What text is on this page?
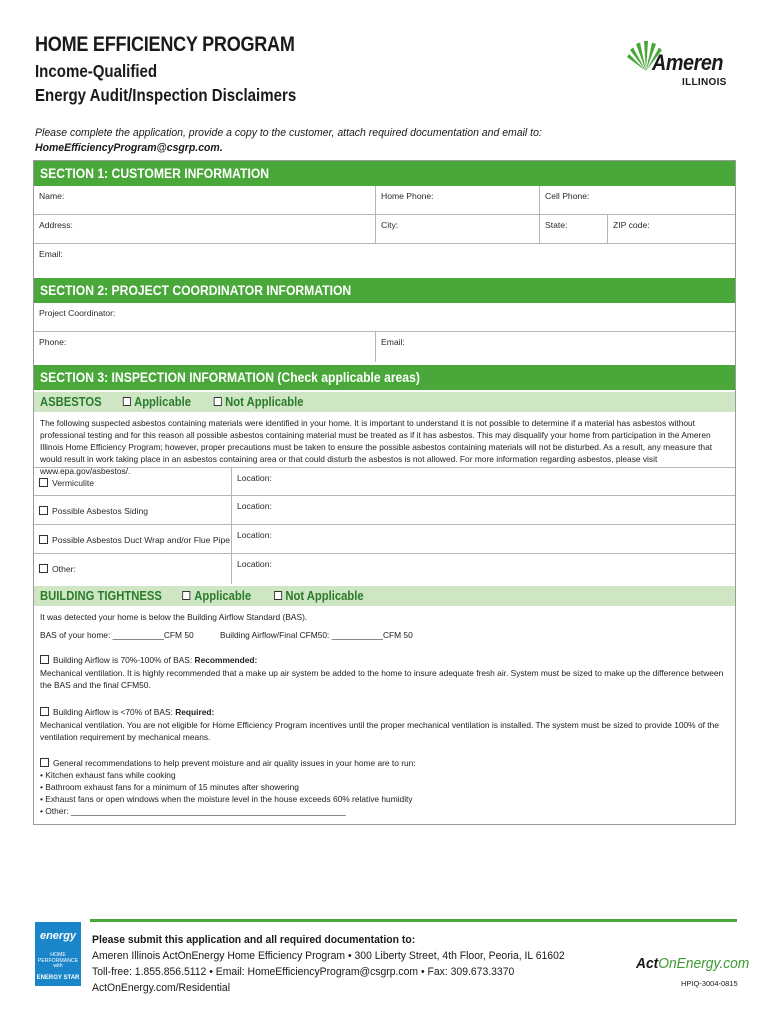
HOME EFFICIENCY PROGRAM
Income-Qualified
Energy Audit/Inspection Disclaimers
Ameren
ILLINOIS
Please complete the application, provide a copy to the customer, attach required documentation and email to:
HomeEfficiencyProgram@csgrp.com.
SECTION 1: CUSTOMER INFORMATION
Name:	Home Phone:	Cell Phone:
Address:	City:	State:	ZIP code:
Email:
SECTION 2: PROJECT COORDINATOR INFORMATION
Project Coordinator:
Phone:	Email:
SECTION 3: INSPECTION INFORMATION (Check applicable areas)
ASBESTOS	Applicable	Not Applicable
The following suspected asbestos containing materials were identified in your home. It is important to understand it is not possible to determine if a material has asbestos without professional testing and for this reason all possible asbestos containing material must be treated as if it has asbestos. This may disqualify your home from participation in the Ameren Illinois Home Efficiency Program; however, proper precautions must be taken to ensure the possible asbestos containing materials will not be disturbed. As a result, any measure that would result in work taking place in an asbestos containing area or that could disturb the asbestos is not allowed. For more information regarding asbestos, please visit www.epa.gov/asbestos/.
Vermiculite	Location:
Possible Asbestos Siding	Location:
Possible Asbestos Duct Wrap and/or Flue Pipe Location:
Other:	Location:
BUILDING TIGHTNESS	Applicable	Not Applicable
It was detected your home is below the Building Airflow Standard (BAS).
BAS of your home: ___________CFM 50	Building Airflow/Final CFM50: ___________CFM 50
Building Airflow is 70%-100% of BAS: Recommended:
Mechanical ventilation. It is highly recommended that a make up air system be added to the home to insure adequate fresh air. System must be sized to make up the difference between the BAS and the final CFM50.
Building Airflow is <70% of BAS: Required:
Mechanical ventilation. You are not eligible for Home Efficiency Program incentives until the proper mechanical ventilation is installed. The system must be sized to provide 100% of the ventilation requirement by mechanical means.
General recommendations to help prevent moisture and air quality issues in your home are to run:
• Kitchen exhaust fans while cooking
• Bathroom exhaust fans for a minimum of 15 minutes after showering
• Exhaust fans or open windows when the moisture level in the house exceeds 60% relative humidity
• Other: ___________________________________________________________
energy
HOME PERFORMANCE with
ENERGY STAR
Please submit this application and all required documentation to:
Ameren Illinois ActOnEnergy Home Efficiency Program • 300 Liberty Street, 4th Floor, Peoria, IL 61602
Toll-free: 1.855.856.5112 • Email: HomeEfficiencyProgram@csgrp.com • Fax: 309.673.3370
ActOnEnergy.com/Residential
ActOnEnergy.com
HPIQ-3004-0815
